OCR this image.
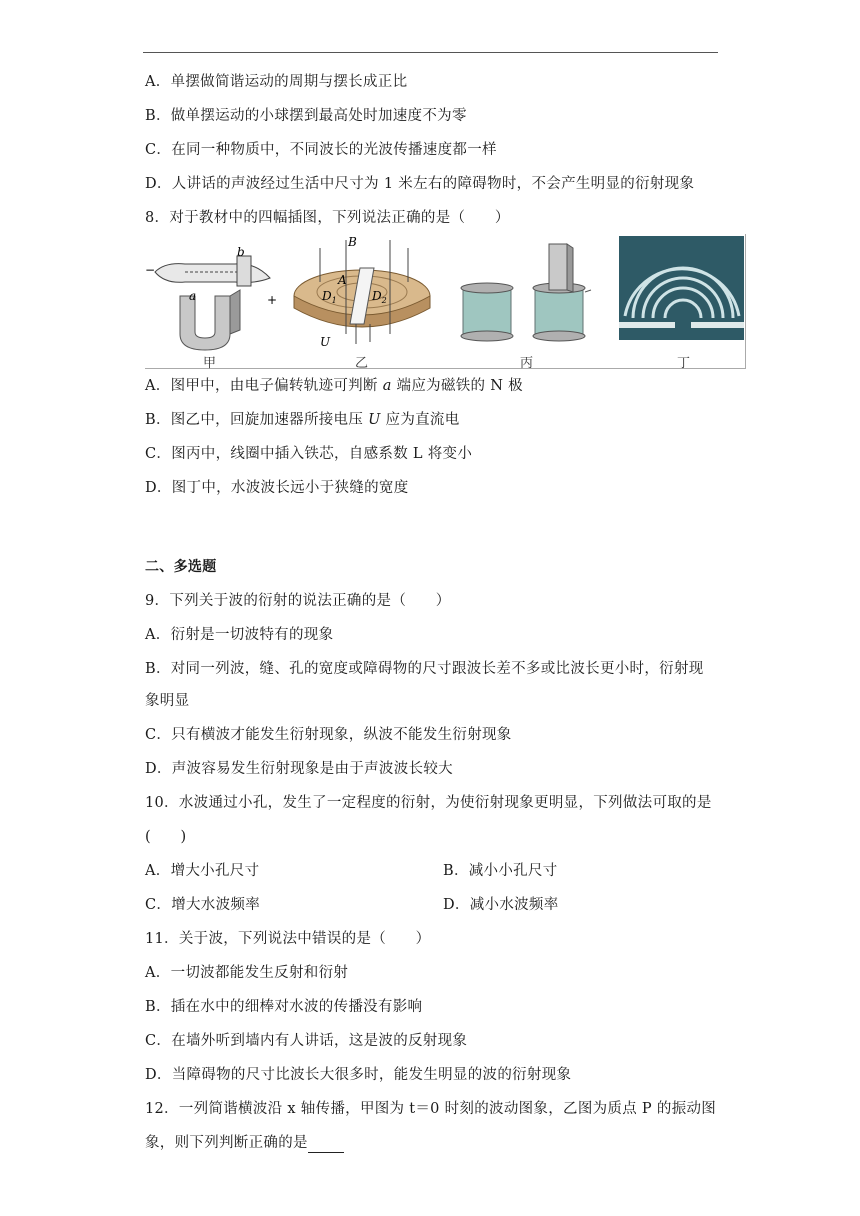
A．单摆做简谐运动的周期与摆长成正比
B．做单摆运动的小球摆到最高处时加速度不为零
C．在同一种物质中，不同波长的光波传播速度都一样
D．人讲话的声波经过生活中尺寸为 1 米左右的障碍物时，不会产生明显的衍射现象
8．对于教材中的四幅插图，下列说法正确的是（　　）
b
a
−
+
甲
B
A
$D_1$	$D_2$
U
乙	丙	丁
A．图甲中，由电子偏转轨迹可判断 a 端应为磁铁的 N 极
B．图乙中，回旋加速器所接电压 U 应为直流电
C．图丙中，线圈中插入铁芯，自感系数 L 将变小
D．图丁中，水波波长远小于狭缝的宽度
二、多选题
9．下列关于波的衍射的说法正确的是（　　）
A．衍射是一切波特有的现象
B．对同一列波，缝、孔的宽度或障碍物的尺寸跟波长差不多或比波长更小时，衍射现
象明显
C．只有横波才能发生衍射现象，纵波不能发生衍射现象
D．声波容易发生衍射现象是由于声波波长较大
10．水波通过小孔，发生了一定程度的衍射，为使衍射现象更明显，下列做法可取的是
(　　)
A．增大小孔尺寸	B．减小小孔尺寸
C．增大水波频率	D．减小水波频率
11．关于波，下列说法中错误的是（　　）
A．一切波都能发生反射和衍射
B．插在水中的细棒对水波的传播没有影响
C．在墙外听到墙内有人讲话，这是波的反射现象
D．当障碍物的尺寸比波长大很多时，能发生明显的波的衍射现象
12．一列简谐横波沿 x 轴传播，甲图为 t＝0 时刻的波动图象，乙图为质点 P 的振动图
象，则下列判断正确的是
